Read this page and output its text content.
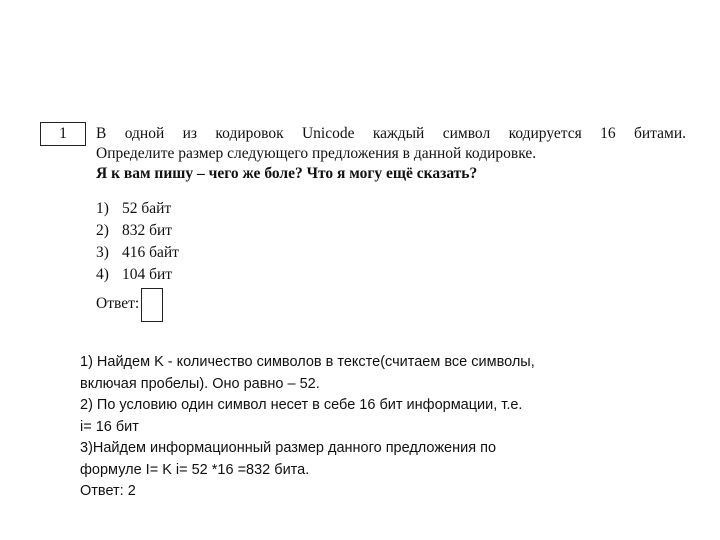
1	В одной из кодировок Unicode каждый символ кодируется 16 битами.
Определите размер следующего предложения в данной кодировке.
Я к вам пишу – чего же боле? Что я могу ещё сказать?
1) 52 байт
2) 832 бит
3) 416 байт
4) 104 бит
Ответ:
1) Найдем K - количество символов в тексте(считаем все символы,
включая пробелы). Оно равно – 52.
2) По условию один символ несет в себе 16 бит информации, т.е.
i= 16 бит
3)Найдем информационный размер данного предложения по
формуле I= K i= 52 *16 =832 бита.
Ответ: 2
